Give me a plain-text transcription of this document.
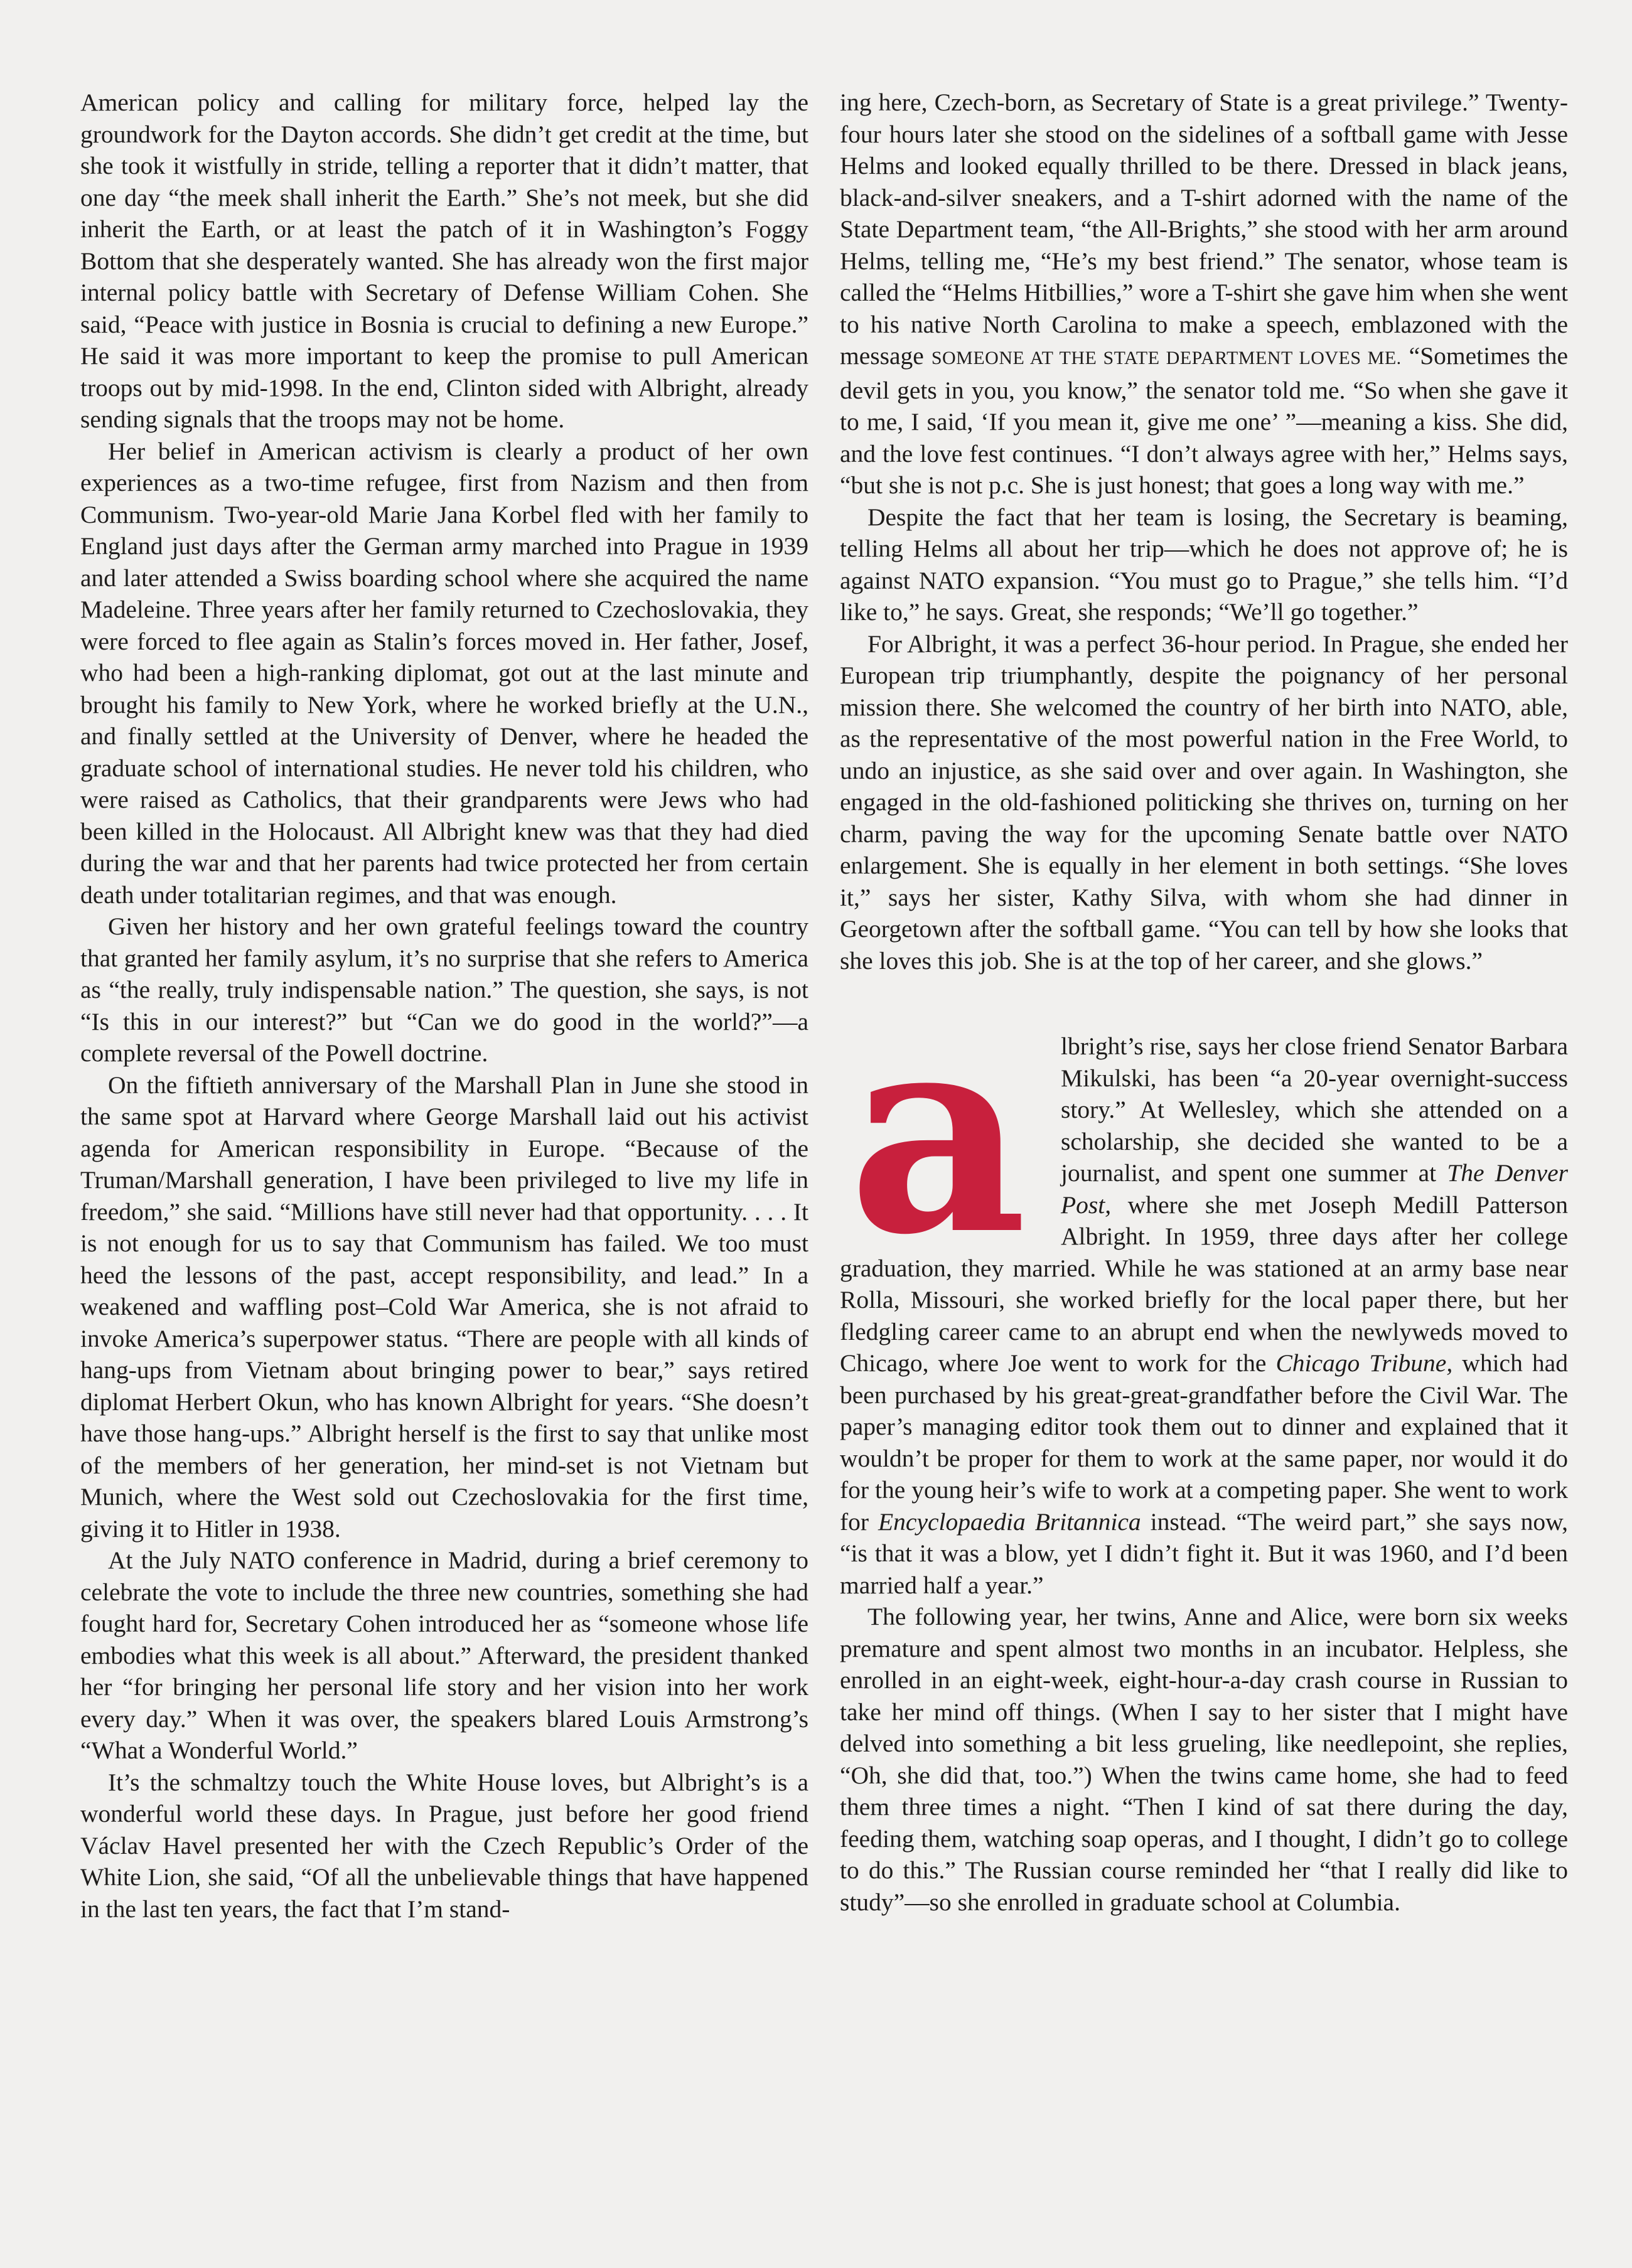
American policy and calling for military force, helped lay the groundwork for the Dayton accords. She didn’t get credit at the time, but she took it wistfully in stride, telling a reporter that it didn’t matter, that one day “the meek shall inherit the Earth.” She’s not meek, but she did inherit the Earth, or at least the patch of it in Washington’s Foggy Bottom that she desperately wanted. She has already won the first major internal policy battle with Secretary of Defense William Cohen. She said, “Peace with justice in Bosnia is crucial to defining a new Europe.” He said it was more important to keep the promise to pull American troops out by mid-1998. In the end, Clinton sided with Albright, already sending signals that the troops may not be home.

Her belief in American activism is clearly a product of her own experiences as a two-time refugee, first from Nazism and then from Communism. Two-year-old Marie Jana Korbel fled with her family to England just days after the German army marched into Prague in 1939 and later attended a Swiss boarding school where she acquired the name Madeleine. Three years after her family returned to Czechoslovakia, they were forced to flee again as Stalin’s forces moved in. Her father, Josef, who had been a high-ranking diplomat, got out at the last minute and brought his family to New York, where he worked briefly at the U.N., and finally settled at the University of Denver, where he headed the graduate school of international studies. He never told his children, who were raised as Catholics, that their grandparents were Jews who had been killed in the Holocaust. All Albright knew was that they had died during the war and that her parents had twice protected her from certain death under totalitarian regimes, and that was enough.

Given her history and her own grateful feelings toward the country that granted her family asylum, it’s no surprise that she refers to America as “the really, truly indispensable nation.” The question, she says, is not “Is this in our interest?” but “Can we do good in the world?”—a complete reversal of the Powell doctrine.

On the fiftieth anniversary of the Marshall Plan in June she stood in the same spot at Harvard where George Marshall laid out his activist agenda for American responsibility in Europe. “Because of the Truman/Marshall generation, I have been privileged to live my life in freedom,” she said. “Millions have still never had that opportunity. . . . It is not enough for us to say that Communism has failed. We too must heed the lessons of the past, accept responsibility, and lead.” In a weakened and waffling post–Cold War America, she is not afraid to invoke America’s superpower status. “There are people with all kinds of hang-ups from Vietnam about bringing power to bear,” says retired diplomat Herbert Okun, who has known Albright for years. “She doesn’t have those hang-ups.” Albright herself is the first to say that unlike most of the members of her generation, her mind-set is not Vietnam but Munich, where the West sold out Czechoslovakia for the first time, giving it to Hitler in 1938.

At the July NATO conference in Madrid, during a brief ceremony to celebrate the vote to include the three new countries, something she had fought hard for, Secretary Cohen introduced her as “someone whose life embodies what this week is all about.” Afterward, the president thanked her “for bringing her personal life story and her vision into her work every day.” When it was over, the speakers blared Louis Armstrong’s “What a Wonderful World.”

It’s the schmaltzy touch the White House loves, but Albright’s is a wonderful world these days. In Prague, just before her good friend Václav Havel presented her with the Czech Republic’s Order of the White Lion, she said, “Of all the unbelievable things that have happened in the last ten years, the fact that I’m stand-

ing here, Czech-born, as Secretary of State is a great privilege.” Twenty-four hours later she stood on the sidelines of a softball game with Jesse Helms and looked equally thrilled to be there. Dressed in black jeans, black-and-silver sneakers, and a T-shirt adorned with the name of the State Department team, “the All-Brights,” she stood with her arm around Helms, telling me, “He’s my best friend.” The senator, whose team is called the “Helms Hitbillies,” wore a T-shirt she gave him when she went to his native North Carolina to make a speech, emblazoned with the message SOMEONE AT THE STATE DEPARTMENT LOVES ME. “Sometimes the devil gets in you, you know,” the senator told me. “So when she gave it to me, I said, ‘If you mean it, give me one’ ”—meaning a kiss. She did, and the love fest continues. “I don’t always agree with her,” Helms says, “but she is not p.c. She is just honest; that goes a long way with me.”

Despite the fact that her team is losing, the Secretary is beaming, telling Helms all about her trip—which he does not approve of; he is against NATO expansion. “You must go to Prague,” she tells him. “I’d like to,” he says. Great, she responds; “We’ll go together.”

For Albright, it was a perfect 36-hour period. In Prague, she ended her European trip triumphantly, despite the poignancy of her personal mission there. She welcomed the country of her birth into NATO, able, as the representative of the most powerful nation in the Free World, to undo an injustice, as she said over and over again. In Washington, she engaged in the old-fashioned politicking she thrives on, turning on her charm, paving the way for the upcoming Senate battle over NATO enlargement. She is equally in her element in both settings. “She loves it,” says her sister, Kathy Silva, with whom she had dinner in Georgetown after the softball game. “You can tell by how she looks that she loves this job. She is at the top of her career, and she glows.”

a	lbright’s rise, says her close friend Senator Barbara Mikulski, has been “a 20-year overnight-success story.” At Wellesley, which she attended on a scholarship, she decided she wanted to be a journalist, and spent one summer at The Denver Post, where she met Joseph Medill Patterson Albright. In 1959, three days after her college graduation, they married. While he was stationed at an army base near Rolla, Missouri, she worked briefly for the local paper there, but her fledgling career came to an abrupt end when the newlyweds moved to Chicago, where Joe went to work for the Chicago Tribune, which had been purchased by his great-great-grandfather before the Civil War. The paper’s managing editor took them out to dinner and explained that it wouldn’t be proper for them to work at the same paper, nor would it do for the young heir’s wife to work at a competing paper. She went to work for Encyclopaedia Britannica instead. “The weird part,” she says now, “is that it was a blow, yet I didn’t fight it. But it was 1960, and I’d been married half a year.”

The following year, her twins, Anne and Alice, were born six weeks premature and spent almost two months in an incubator. Helpless, she enrolled in an eight-week, eight-hour-a-day crash course in Russian to take her mind off things. (When I say to her sister that I might have delved into something a bit less grueling, like needlepoint, she replies, “Oh, she did that, too.”) When the twins came home, she had to feed them three times a night. “Then I kind of sat there during the day, feeding them, watching soap operas, and I thought, I didn’t go to college to do this.” The Russian course reminded her “that I really did like to study”—so she enrolled in graduate school at Columbia.
